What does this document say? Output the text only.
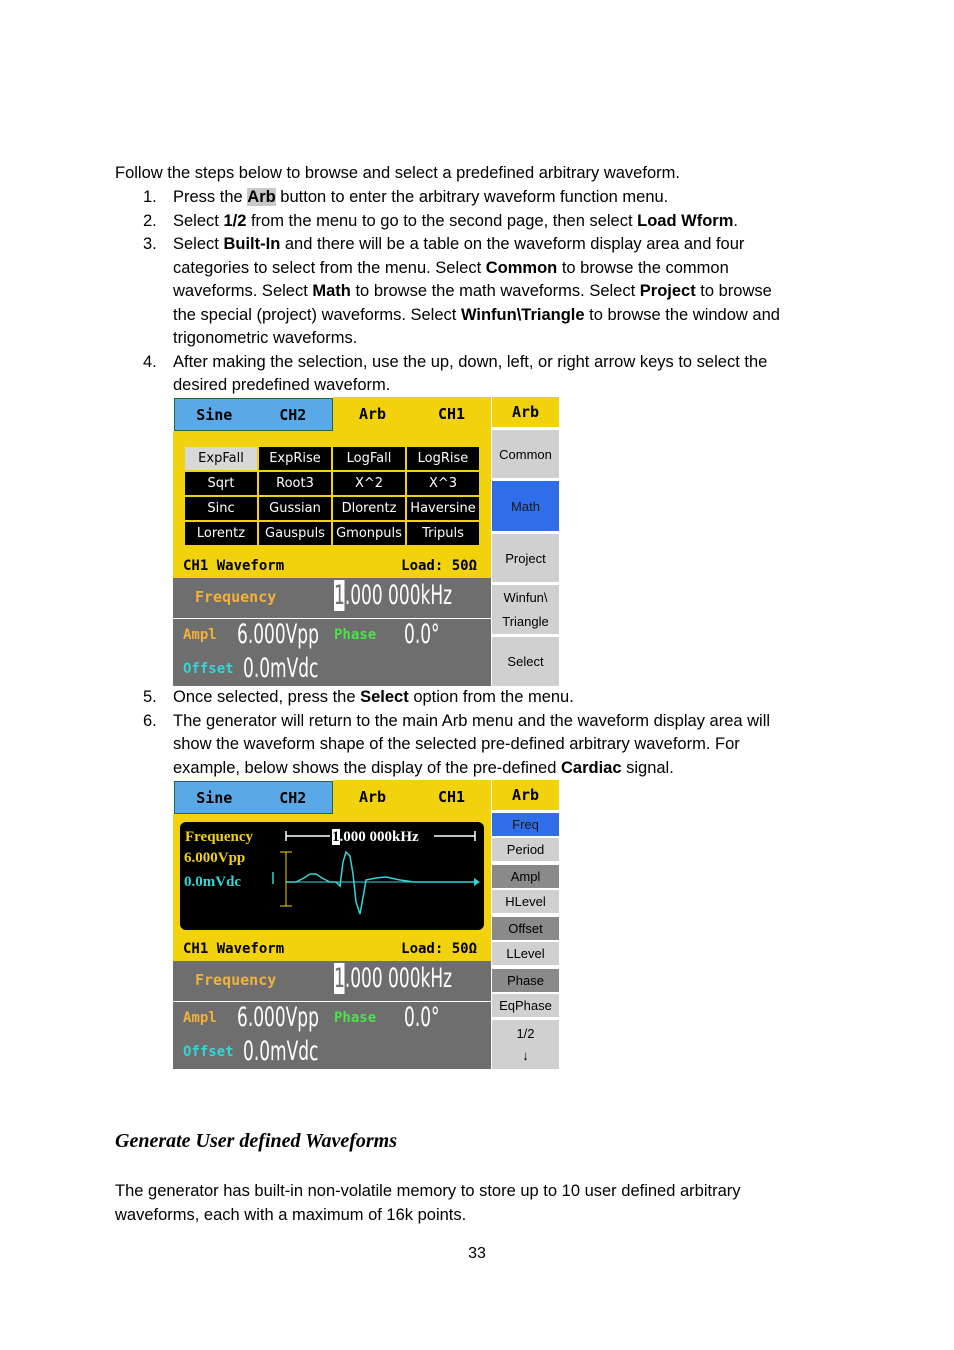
Follow the steps below to browse and select a predefined arbitrary waveform.
1. Press the Arb button to enter the arbitrary waveform function menu.
2. Select 1/2 from the menu to go to the second page, then select Load Wform.
3. Select Built-In and there will be a table on the waveform display area and four
categories to select from the menu. Select Common to browse the common
waveforms. Select Math to browse the math waveforms. Select Project to browse
the special (project) waveforms. Select Winfun\Triangle to browse the window and
trigonometric waveforms.
4. After making the selection, use the up, down, left, or right arrow keys to select the
desired predefined waveform.
Sine	CH2	Arb	CH1
ExpFall	ExpRise	LogFall	LogRise
Sqrt	Root3	X^2	X^3
Sinc	Gussian	Dlorentz	Haversine
Lorentz	Gauspuls	Gmonpuls	Tripuls
CH1 Waveform	Load: 50Ω
Frequency 1.000 000kHz
Ampl 6.000Vpp Phase 0.0°
Offset 0.0mVdc
Arb
Common
Math
Project
Winfun\
Triangle
Select
5. Once selected, press the Select option from the menu.
6. The generator will return to the main Arb menu and the waveform display area will
show the waveform shape of the selected pre-defined arbitrary waveform. For
example, below shows the display of the pre-defined Cardiac signal.
Sine	CH2	Arb	CH1
Frequency
6.000Vpp
0.0mVdc
1.000 000kHz
CH1 Waveform	Load: 50Ω
Frequency 1.000 000kHz
Ampl 6.000Vpp Phase 0.0°
Offset 0.0mVdc
Arb
Freq
Period
Ampl
HLevel
Offset
LLevel
Phase
EqPhase
1/2
↓
Generate User defined Waveforms
The generator has built-in non-volatile memory to store up to 10 user defined arbitrary
waveforms, each with a maximum of 16k points.
33
